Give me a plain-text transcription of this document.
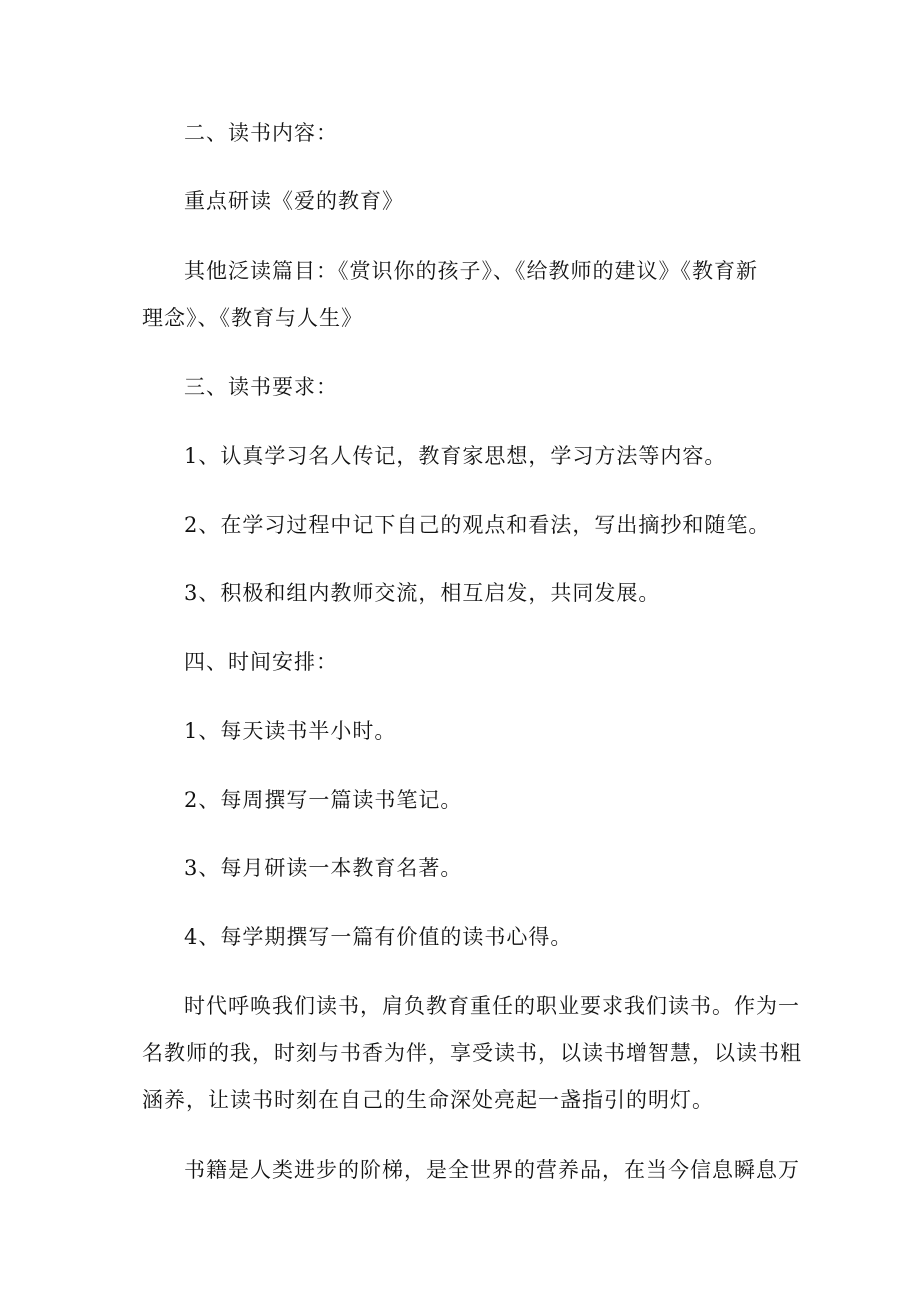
二、读书内容：
重点研读《爱的教育》
其他泛读篇目：《赏识你的孩子》、《给教师的建议》《教育新
理念》、《教育与人生》
三、读书要求：
1、认真学习名人传记，教育家思想，学习方法等内容。
2、在学习过程中记下自己的观点和看法，写出摘抄和随笔。
3、积极和组内教师交流，相互启发，共同发展。
四、时间安排：
1、每天读书半小时。
2、每周撰写一篇读书笔记。
3、每月研读一本教育名著。
4、每学期撰写一篇有价值的读书心得。
时代呼唤我们读书，肩负教育重任的职业要求我们读书。作为一
名教师的我，时刻与书香为伴，享受读书，以读书增智慧，以读书粗
涵养，让读书时刻在自己的生命深处亮起一盏指引的明灯。
书籍是人类进步的阶梯，是全世界的营养品，在当今信息瞬息万
